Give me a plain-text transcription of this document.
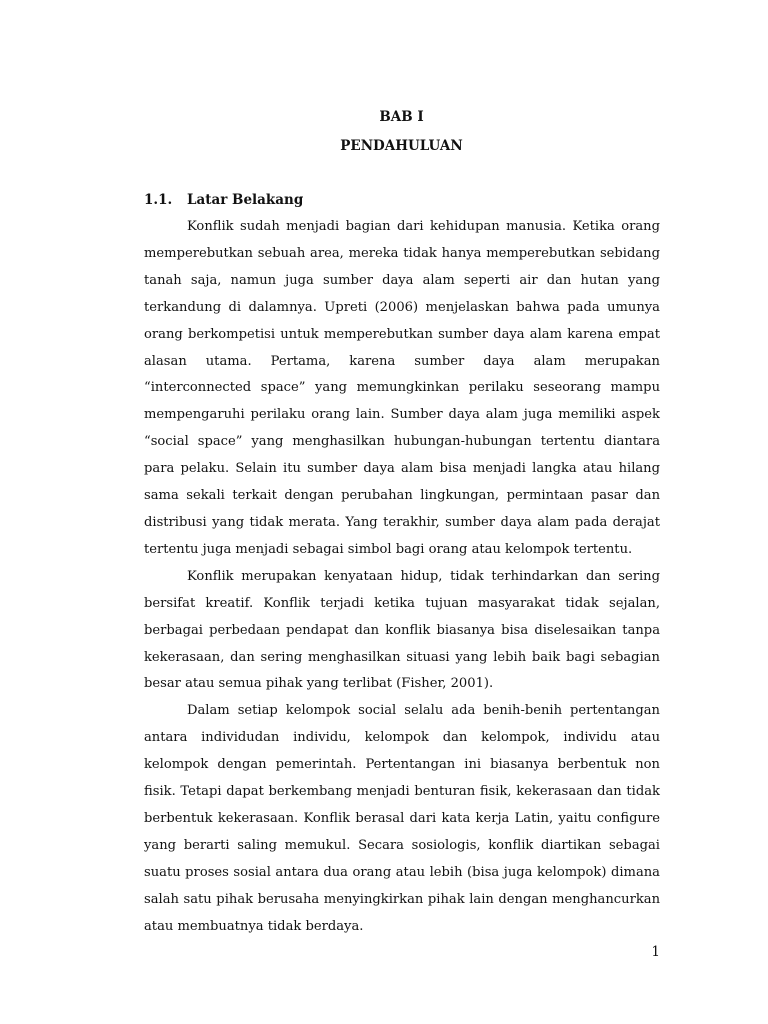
BAB I
PENDAHULUAN
1.1. Latar Belakang

Konflik sudah menjadi bagian dari kehidupan manusia. Ketika orang memperebutkan sebuah area, mereka tidak hanya memperebutkan sebidang tanah saja, namun juga sumber daya alam seperti air dan hutan yang terkandung di dalamnya. Upreti (2006) menjelaskan bahwa pada umunya orang berkompetisi untuk memperebutkan sumber daya alam karena empat alasan utama. Pertama, karena sumber daya alam merupakan “interconnected space” yang memungkinkan perilaku seseorang mampu mempengaruhi perilaku orang lain. Sumber daya alam juga memiliki aspek “social space” yang menghasilkan hubungan-hubungan tertentu diantara para pelaku. Selain itu sumber daya alam bisa menjadi langka atau hilang sama sekali terkait dengan perubahan lingkungan, permintaan pasar dan distribusi yang tidak merata. Yang terakhir, sumber daya alam pada derajat tertentu juga menjadi sebagai simbol bagi orang atau kelompok tertentu.

Konflik merupakan kenyataan hidup, tidak terhindarkan dan sering bersifat kreatif. Konflik terjadi ketika tujuan masyarakat tidak sejalan, berbagai perbedaan pendapat dan konflik biasanya bisa diselesaikan tanpa kekerasaan, dan sering menghasilkan situasi yang lebih baik bagi sebagian besar atau semua pihak yang terlibat (Fisher, 2001).

Dalam setiap kelompok social selalu ada benih-benih pertentangan antara individudan individu, kelompok dan kelompok, individu atau kelompok dengan pemerintah. Pertentangan ini biasanya berbentuk non fisik. Tetapi dapat berkembang menjadi benturan fisik, kekerasaan dan tidak berbentuk kekerasaan. Konflik berasal dari kata kerja Latin, yaitu configure yang berarti saling memukul. Secara sosiologis, konflik diartikan sebagai suatu proses sosial antara dua orang atau lebih (bisa juga kelompok) dimana salah satu pihak berusaha menyingkirkan pihak lain dengan menghancurkan atau membuatnya tidak berdaya.

1
